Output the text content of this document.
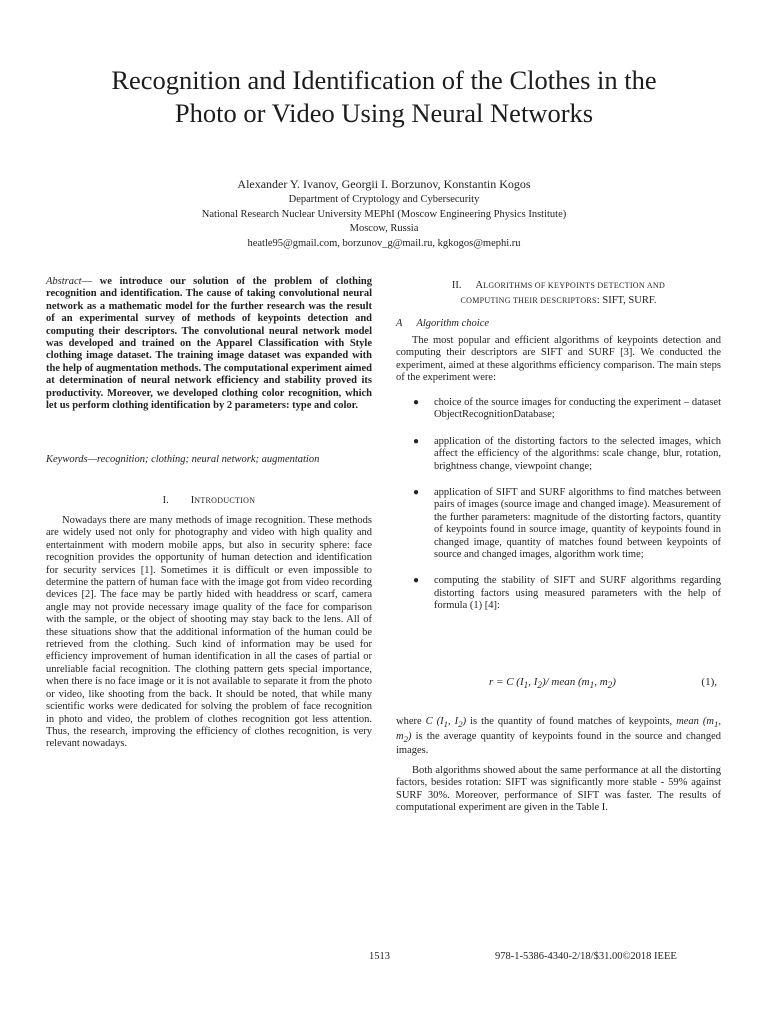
Recognition and Identification of the Clothes in the
Photo or Video Using Neural Networks
Alexander Y. Ivanov, Georgii I. Borzunov, Konstantin Kogos
Department of Cryptology and Cybersecurity
National Research Nuclear University MEPhI (Moscow Engineering Physics Institute)
Moscow, Russia
heatle95@gmail.com, borzunov_g@mail.ru, kgkogos@mephi.ru
Abstract— we introduce our solution of the problem of clothing recognition and identification. The cause of taking convolutional neural network as a mathematic model for the further research was the result of an experimental survey of methods of keypoints detection and computing their descriptors. The convolutional neural network model was developed and trained on the Apparel Classification with Style clothing image dataset. The training image dataset was expanded with the help of augmentation methods. The computational experiment aimed at determination of neural network efficiency and stability proved its productivity. Moreover, we developed clothing color recognition, which let us perform clothing identification by 2 parameters: type and color.
Keywords—recognition; clothing; neural network; augmentation
I. INTRODUCTION
Nowadays there are many methods of image recognition. These methods are widely used not only for photography and video with high quality and entertainment with modern mobile apps, but also in security sphere: face recognition provides the opportunity of human detection and identification for security services [1]. Sometimes it is difficult or even impossible to determine the pattern of human face with the image got from video recording devices [2]. The face may be partly hided with headdress or scarf, camera angle may not provide necessary image quality of the face for comparison with the sample, or the object of shooting may stay back to the lens. All of these situations show that the additional information of the human could be retrieved from the clothing. Such kind of information may be used for efficiency improvement of human identification in all the cases of partial or unreliable facial recognition. The clothing pattern gets special importance, when there is no face image or it is not available to separate it from the photo or video, like shooting from the back. It should be noted, that while many scientific works were dedicated for solving the problem of face recognition in photo and video, the problem of clothes recognition got less attention. Thus, the research, improving the efficiency of clothes recognition, is very relevant nowadays.
II. ALGORITHMS OF KEYPOINTS DETECTION AND
COMPUTING THEIR DESCRIPTORS: SIFT, SURF.
A Algorithm choice
The most popular and efficient algorithms of keypoints detection and computing their descriptors are SIFT and SURF [3]. We conducted the experiment, aimed at these algorithms efficiency comparison. The main steps of the experiment were:
● choice of the source images for conducting the experiment – dataset ObjectRecognitionDatabase;
● application of the distorting factors to the selected images, which affect the efficiency of the algorithms: scale change, blur, rotation, brightness change, viewpoint change;
● application of SIFT and SURF algorithms to find matches between pairs of images (source image and changed image). Measurement of the further parameters: magnitude of the distorting factors, quantity of keypoints found in source image, quantity of keypoints found in changed image, quantity of matches found between keypoints of source and changed images, algorithm work time;
● computing the stability of SIFT and SURF algorithms regarding distorting factors using measured parameters with the help of formula (1) [4]:
r = C ($I_1$, $I_2)/$ mean ($m_1$, $m_2$)	(1),
where C ($I_1$, $I_2$) is the quantity of found matches of keypoints, mean ($m_1$, $m_2$) is the average quantity of keypoints found in the source and changed images.
Both algorithms showed about the same performance at all the distorting factors, besides rotation: SIFT was significantly more stable - 59% against SURF 30%. Moreover, performance of SIFT was faster. The results of computational experiment are given in the Table I.
1513	978-1-5386-4340-2/18/$31.00©2018 IEEE
